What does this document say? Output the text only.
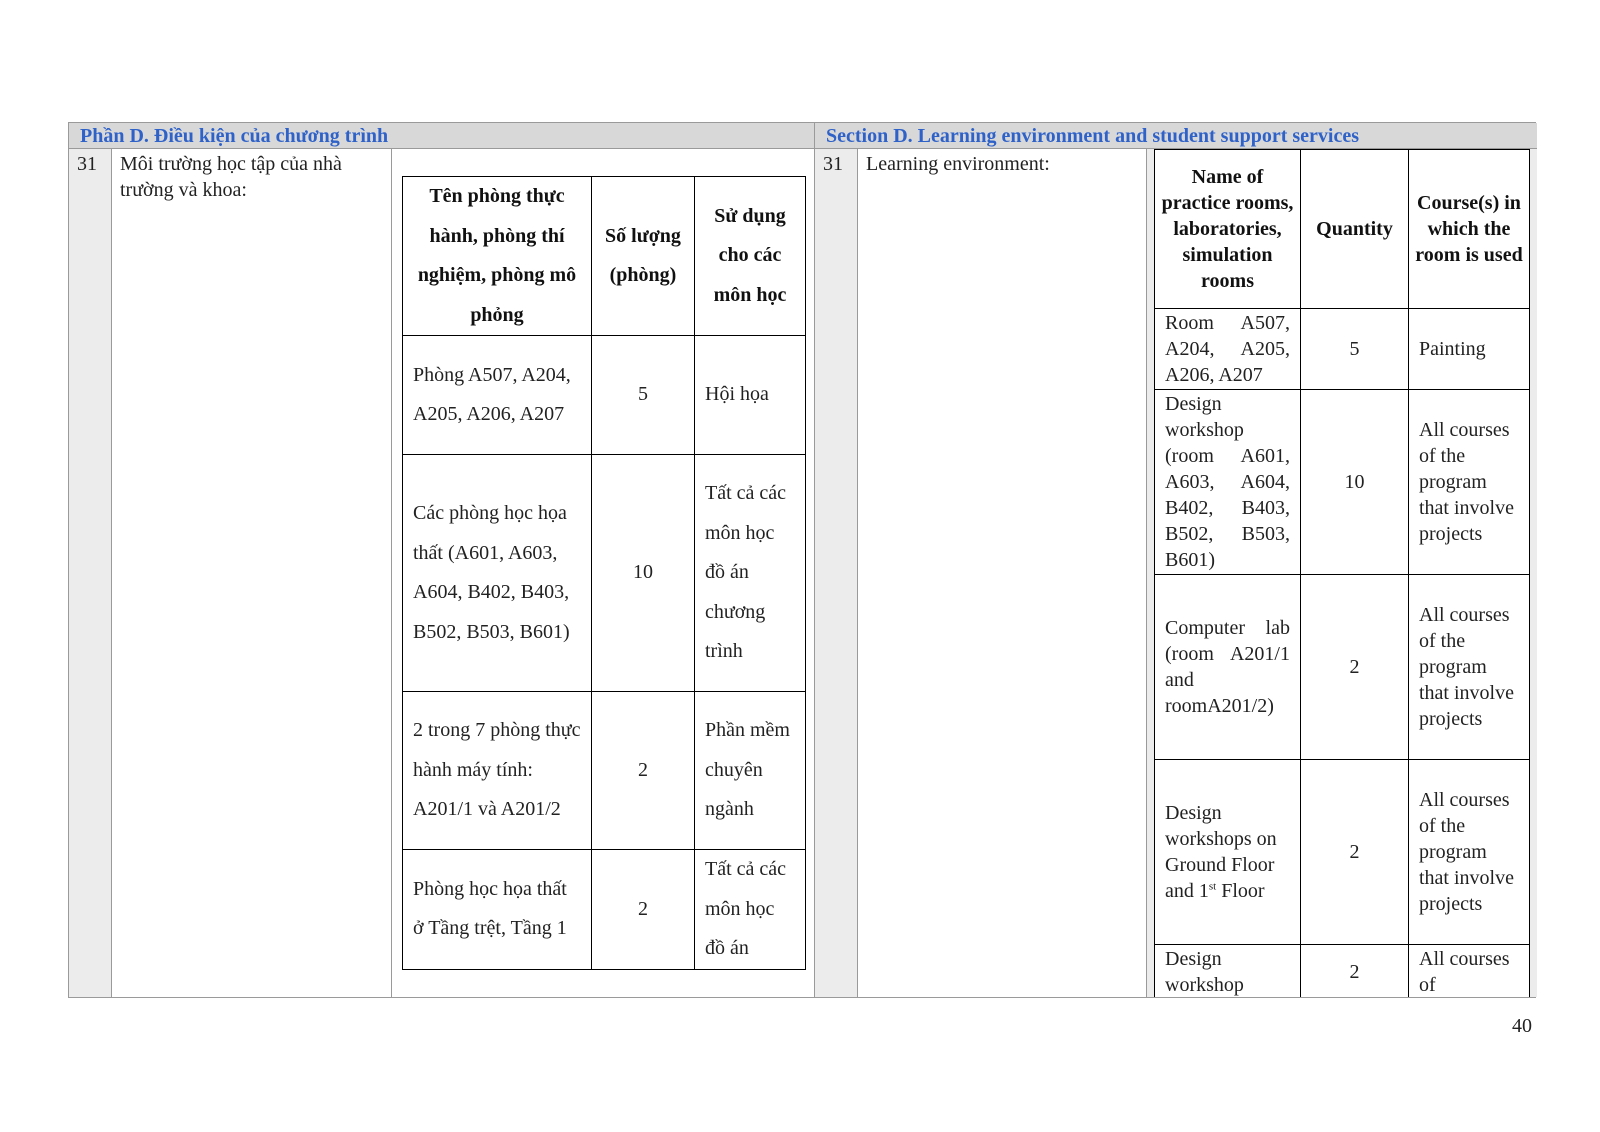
Phần D. Điều kiện của chương trình	Section D. Learning environment and student support services
31	Môi trường học tập của nhà trường và khoa:
31	Learning environment:
Tên phòng thực hành, phòng thí nghiệm, phòng mô phỏng	Số lượng (phòng)	Sử dụng cho các môn học
Phòng A507, A204, A205, A206, A207	5	Hội họa
Các phòng học họa thất (A601, A603, A604, B402, B403, B502, B503, B601)	10	Tất cả các môn học đồ án chương trình
2 trong 7 phòng thực hành máy tính: A201/1 và A201/2	2	Phần mềm chuyên ngành
Phòng học họa thất ở Tầng trệt, Tầng 1	2	Tất cả các môn học đồ án
Name of practice rooms, laboratories, simulation rooms	Quantity	Course(s) in which the room is used
Room A507, A204, A205, A206, A207	5	Painting
Design workshop (room A601, A603, A604, B402, B403, B502, B503, B601)	10	All courses of the program that involve projects
Computer lab (room A201/1 and roomA201/2)	2	All courses of the program that involve projects
Design workshops on Ground Floor and 1st Floor	2	All courses of the program that involve projects
Design workshop	2	All courses of
40
